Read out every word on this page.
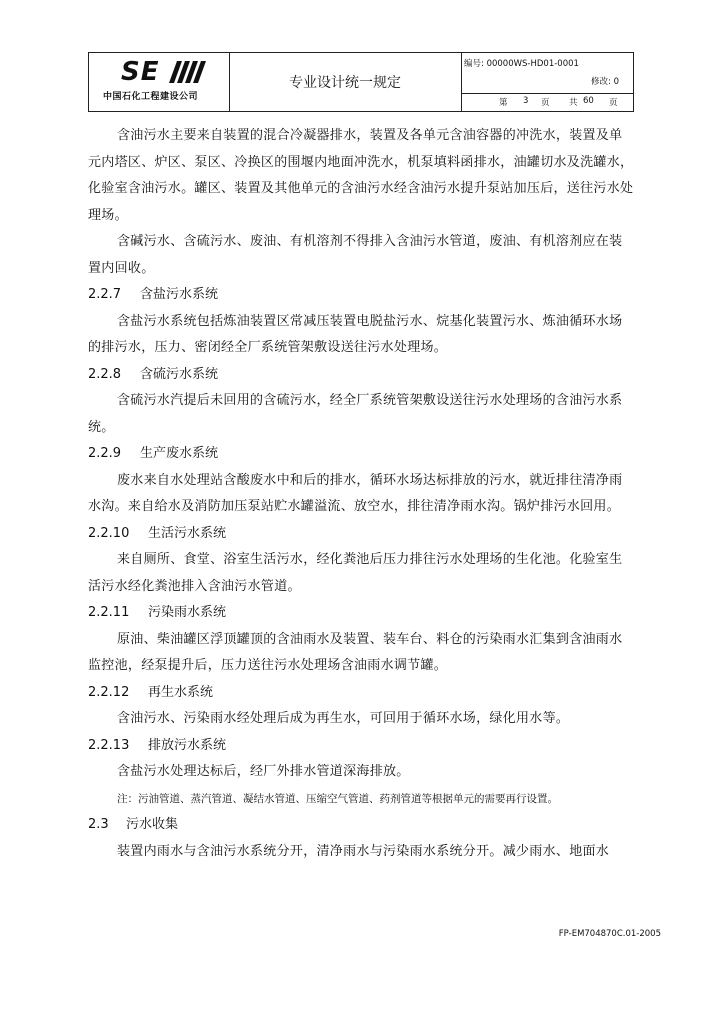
SE
中国石化工程建设公司
专业设计统一规定
编号: 00000WS-HD01-0001
修改: 0
第 3 页 共 60 页

含油污水主要来自装置的混合冷凝器排水，装置及各单元含油容器的冲洗水，装置及单元内塔区、炉区、泵区、冷换区的围堰内地面冲洗水，机泵填料函排水，油罐切水及洗罐水，化验室含油污水。罐区、装置及其他单元的含油污水经含油污水提升泵站加压后，送往污水处理场。

含碱污水、含硫污水、废油、有机溶剂不得排入含油污水管道，废油、有机溶剂应在装置内回收。

2.2.7 含盐污水系统

含盐污水系统包括炼油装置区常减压装置电脱盐污水、烷基化装置污水、炼油循环水场的排污水，压力、密闭经全厂系统管架敷设送往污水处理场。

2.2.8 含硫污水系统

含硫污水汽提后未回用的含硫污水，经全厂系统管架敷设送往污水处理场的含油污水系统。

2.2.9 生产废水系统

废水来自水处理站含酸废水中和后的排水，循环水场达标排放的污水，就近排往清净雨水沟。来自给水及消防加压泵站贮水罐溢流、放空水，排往清净雨水沟。锅炉排污水回用。

2.2.10 生活污水系统

来自厕所、食堂、浴室生活污水，经化粪池后压力排往污水处理场的生化池。化验室生活污水经化粪池排入含油污水管道。

2.2.11 污染雨水系统

原油、柴油罐区浮顶罐顶的含油雨水及装置、装车台、料仓的污染雨水汇集到含油雨水监控池，经泵提升后，压力送往污水处理场含油雨水调节罐。

2.2.12 再生水系统

含油污水、污染雨水经处理后成为再生水，可回用于循环水场，绿化用水等。

2.2.13 排放污水系统

含盐污水处理达标后，经厂外排水管道深海排放。

注：污油管道、蒸汽管道、凝结水管道、压缩空气管道、药剂管道等根据单元的需要再行设置。

2.3 污水收集

装置内雨水与含油污水系统分开，清净雨水与污染雨水系统分开。减少雨水、地面水

FP-EM704870C.01-2005
